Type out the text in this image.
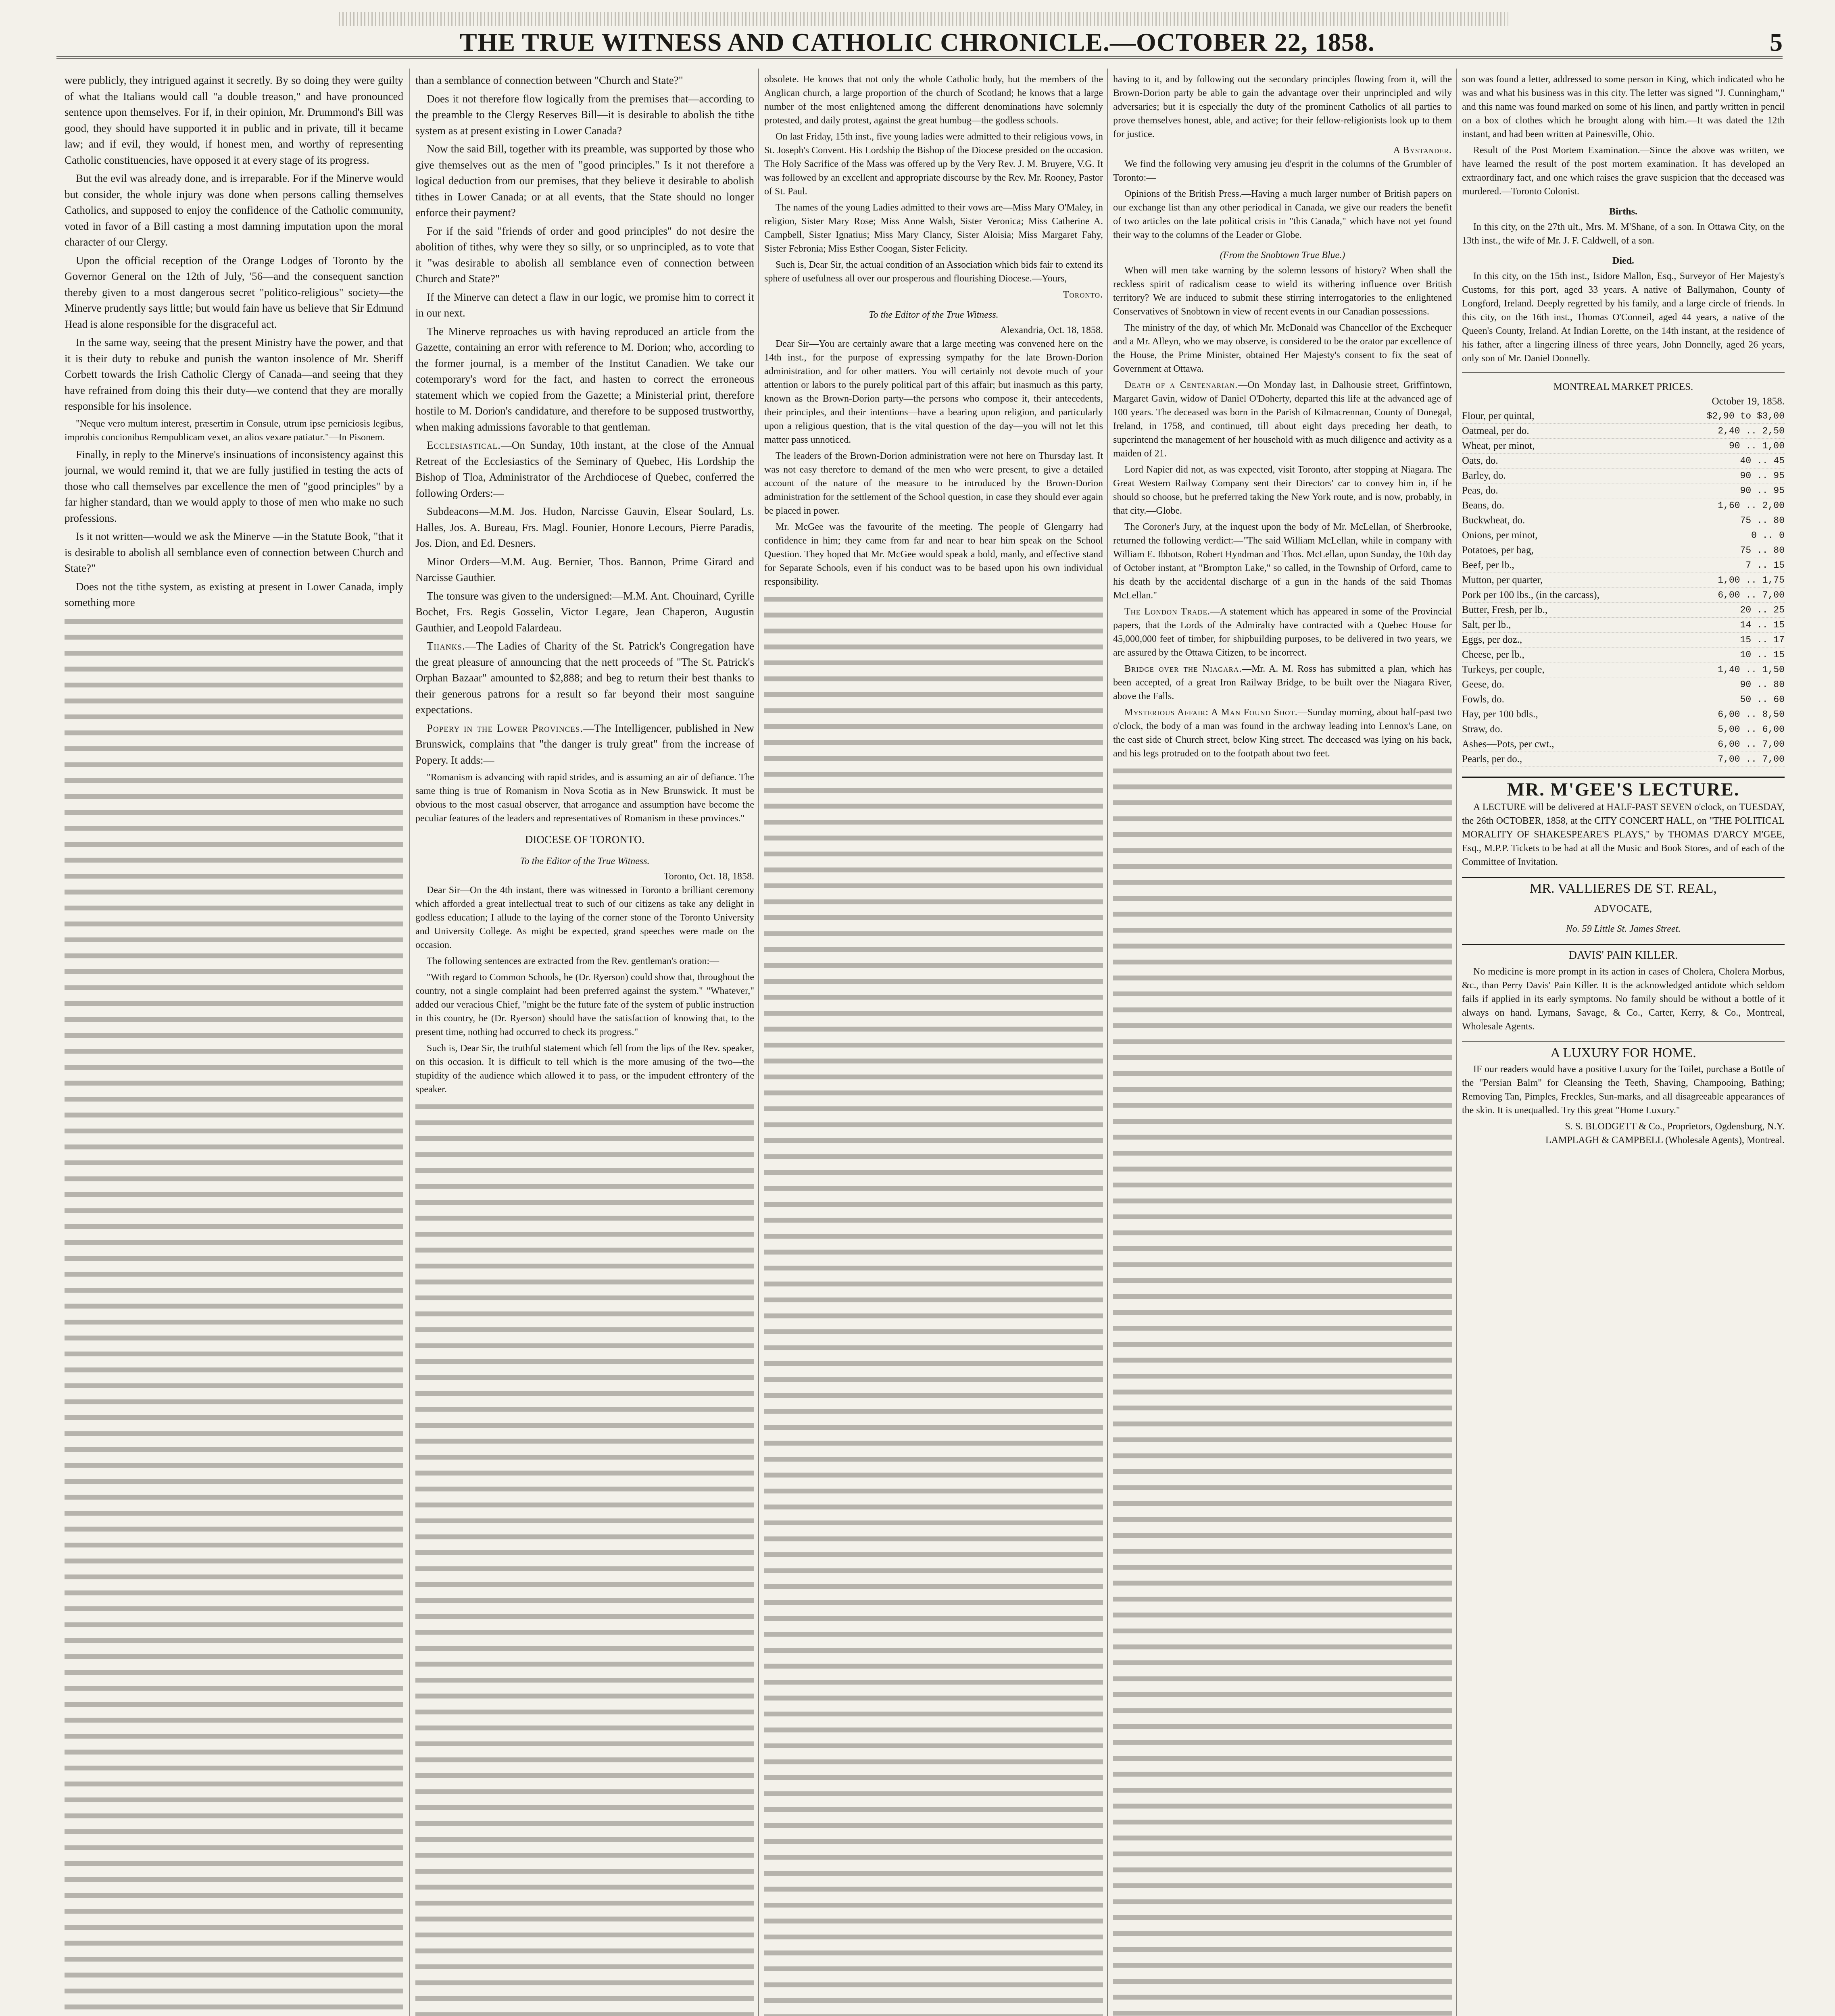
THE TRUE WITNESS AND CATHOLIC CHRONICLE.—OCTOBER 22, 1858.	5

were publicly, they intrigued against it secretly. By so doing they were guilty of what the Italians would call "a double treason," and have pronounced sentence upon themselves. For if, in their opinion, Mr. Drummond's Bill was good, they should have supported it in public and in private, till it became law; and if evil, they would, if honest men, and worthy of representing Catholic constituencies, have opposed it at every stage of its progress.

But the evil was already done, and is irreparable. For if the Minerve would but consider, the whole injury was done when persons calling themselves Catholics, and supposed to enjoy the confidence of the Catholic community, voted in favor of a Bill casting a most damning imputation upon the moral character of our Clergy.

Upon the official reception of the Orange Lodges of Toronto by the Governor General on the 12th of July, '56—and the consequent sanction thereby given to a most dangerous secret "politico-religious" society—the Minerve prudently says little; but would fain have us believe that Sir Edmund Head is alone responsible for the disgraceful act.

In the same way, seeing that the present Ministry have the power, and that it is their duty to rebuke and punish the wanton insolence of Mr. Sheriff Corbett towards the Irish Catholic Clergy of Canada—and seeing that they have refrained from doing this their duty—we contend that they are morally responsible for his insolence.

"Neque vero multum interest, præsertim in Consule, utrum ipse perniciosis legibus, improbis concionibus Rempublicam vexet, an alios vexare patiatur."—In Pisonem.

Finally, in reply to the Minerve's insinuations of inconsistency against this journal, we would remind it, that we are fully justified in testing the acts of those who call themselves par excellence the men of "good principles" by a far higher standard, than we would apply to those of men who make no such professions.

Is it not written—would we ask the Minerve —in the Statute Book, "that it is desirable to abolish all semblance even of connection between Church and State?"

Does not the tithe system, as existing at present in Lower Canada, imply something more

than a semblance of connection between "Church and State?"

Does it not therefore flow logically from the premises that—according to the preamble to the Clergy Reserves Bill—it is desirable to abolish the tithe system as at present existing in Lower Canada?

Now the said Bill, together with its preamble, was supported by those who give themselves out as the men of "good principles." Is it not therefore a logical deduction from our premises, that they believe it desirable to abolish tithes in Lower Canada; or at all events, that the State should no longer enforce their payment?

For if the said "friends of order and good principles" do not desire the abolition of tithes, why were they so silly, or so unprincipled, as to vote that it "was desirable to abolish all semblance even of connection between Church and State?"

If the Minerve can detect a flaw in our logic, we promise him to correct it in our next.

The Minerve reproaches us with having reproduced an article from the Gazette, containing an error with reference to M. Dorion; who, according to the former journal, is a member of the Institut Canadien. We take our cotemporary's word for the fact, and hasten to correct the erroneous statement which we copied from the Gazette; a Ministerial print, therefore hostile to M. Dorion's candidature, and therefore to be supposed trustworthy, when making admissions favorable to that gentleman.

Ecclesiastical.—On Sunday, 10th instant, at the close of the Annual Retreat of the Ecclesiastics of the Seminary of Quebec, His Lordship the Bishop of Tloa, Administrator of the Archdiocese of Quebec, conferred the following Orders:—

Subdeacons—M.M. Jos. Hudon, Narcisse Gauvin, Elsear Soulard, Ls. Halles, Jos. A. Bureau, Frs. Magl. Founier, Honore Lecours, Pierre Paradis, Jos. Dion, and Ed. Desners.

Minor Orders—M.M. Aug. Bernier, Thos. Bannon, Prime Girard and Narcisse Gauthier.

The tonsure was given to the undersigned:—M.M. Ant. Chouinard, Cyrille Bochet, Frs. Regis Gosselin, Victor Legare, Jean Chaperon, Augustin Gauthier, and Leopold Falardeau.

Thanks.—The Ladies of Charity of the St. Patrick's Congregation have the great pleasure of announcing that the nett proceeds of "The St. Patrick's Orphan Bazaar" amounted to $2,888; and beg to return their best thanks to their generous patrons for a result so far beyond their most sanguine expectations.

Popery in the Lower Provinces.—The Intelligencer, published in New Brunswick, complains that "the danger is truly great" from the increase of Popery. It adds:—

"Romanism is advancing with rapid strides, and is assuming an air of defiance. The same thing is true of Romanism in Nova Scotia as in New Brunswick. It must be obvious to the most casual observer, that arrogance and assumption have become the peculiar features of the leaders and representatives of Romanism in these provinces."

DIOCESE OF TORONTO.
To the Editor of the True Witness.
Toronto, Oct. 18, 1858.

Dear Sir—On the 4th instant, there was witnessed in Toronto a brilliant ceremony which afforded a great intellectual treat to such of our citizens as take any delight in godless education; I allude to the laying of the corner stone of the Toronto University and University College. As might be expected, grand speeches were made on the occasion.

The following sentences are extracted from the Rev. gentleman's oration:—

"With regard to Common Schools, he (Dr. Ryerson) could show that, throughout the country, not a single complaint had been preferred against the system." "Whatever," added our veracious Chief, "might be the future fate of the system of public instruction in this country, he (Dr. Ryerson) should have the satisfaction of knowing that, to the present time, nothing had occurred to check its progress."

Such is, Dear Sir, the truthful statement which fell from the lips of the Rev. speaker, on this occasion. It is difficult to tell which is the more amusing of the two—the stupidity of the audience which allowed it to pass, or the impudent effrontery of the speaker.

obsolete. He knows that not only the whole Catholic body, but the members of the Anglican church, a large proportion of the church of Scotland; he knows that a large number of the most enlightened among the different denominations have solemnly protested, and daily protest, against the great humbug—the godless schools.

On last Friday, 15th inst., five young ladies were admitted to their religious vows, in St. Joseph's Convent. His Lordship the Bishop of the Diocese presided on the occasion. The Holy Sacrifice of the Mass was offered up by the Very Rev. J. M. Bruyere, V.G. It was followed by an excellent and appropriate discourse by the Rev. Mr. Rooney, Pastor of St. Paul.

The names of the young Ladies admitted to their vows are—Miss Mary O'Maley, in religion, Sister Mary Rose; Miss Anne Walsh, Sister Veronica; Miss Catherine A. Campbell, Sister Ignatius; Miss Mary Clancy, Sister Aloisia; Miss Margaret Fahy, Sister Febronia; Miss Esther Coogan, Sister Felicity.

Such is, Dear Sir, the actual condition of an Association which bids fair to extend its sphere of usefulness all over our prosperous and flourishing Diocese.—Yours,

Toronto.
To the Editor of the True Witness.
Alexandria, Oct. 18, 1858.

Dear Sir—You are certainly aware that a large meeting was convened here on the 14th inst., for the purpose of expressing sympathy for the late Brown-Dorion administration, and for other matters. You will certainly not devote much of your attention or labors to the purely political part of this affair; but inasmuch as this party, known as the Brown-Dorion party—the persons who compose it, their antecedents, their principles, and their intentions—have a bearing upon religion, and particularly upon a religious question, that is the vital question of the day—you will not let this matter pass unnoticed.

The leaders of the Brown-Dorion administration were not here on Thursday last. It was not easy therefore to demand of the men who were present, to give a detailed account of the nature of the measure to be introduced by the Brown-Dorion administration for the settlement of the School question, in case they should ever again be placed in power.

Mr. McGee was the favourite of the meeting. The people of Glengarry had confidence in him; they came from far and near to hear him speak on the School Question. They hoped that Mr. McGee would speak a bold, manly, and effective stand for Separate Schools, even if his conduct was to be based upon his own individual responsibility.

having to it, and by following out the secondary principles flowing from it, will the Brown-Dorion party be able to gain the advantage over their unprincipled and wily adversaries; but it is especially the duty of the prominent Catholics of all parties to prove themselves honest, able, and active; for their fellow-religionists look up to them for justice.

A Bystander.

We find the following very amusing jeu d'esprit in the columns of the Grumbler of Toronto:—

Opinions of the British Press.—Having a much larger number of British papers on our exchange list than any other periodical in Canada, we give our readers the benefit of two articles on the late political crisis in "this Canada," which have not yet found their way to the columns of the Leader or Globe.

(From the Snobtown True Blue.)

When will men take warning by the solemn lessons of history? When shall the reckless spirit of radicalism cease to wield its withering influence over British territory? We are induced to submit these stirring interrogatories to the enlightened Conservatives of Snobtown in view of recent events in our Canadian possessions.

The ministry of the day, of which Mr. McDonald was Chancellor of the Exchequer and a Mr. Alleyn, who we may observe, is considered to be the orator par excellence of the House, the Prime Minister, obtained Her Majesty's consent to fix the seat of Government at Ottawa.

Death of a Centenarian.—On Monday last, in Dalhousie street, Griffintown, Margaret Gavin, widow of Daniel O'Doherty, departed this life at the advanced age of 100 years. The deceased was born in the Parish of Kilmacrennan, County of Donegal, Ireland, in 1758, and continued, till about eight days preceding her death, to superintend the management of her household with as much diligence and activity as a maiden of 21.

Lord Napier did not, as was expected, visit Toronto, after stopping at Niagara. The Great Western Railway Company sent their Directors' car to convey him in, if he should so choose, but he preferred taking the New York route, and is now, probably, in that city.—Globe.

The Coroner's Jury, at the inquest upon the body of Mr. McLellan, of Sherbrooke, returned the following verdict:—"The said William McLellan, while in company with William E. Ibbotson, Robert Hyndman and Thos. McLellan, upon Sunday, the 10th day of October instant, at "Brompton Lake," so called, in the Township of Orford, came to his death by the accidental discharge of a gun in the hands of the said Thomas McLellan."

The London Trade.—A statement which has appeared in some of the Provincial papers, that the Lords of the Admiralty have contracted with a Quebec House for 45,000,000 feet of timber, for shipbuilding purposes, to be delivered in two years, we are assured by the Ottawa Citizen, to be incorrect.

Bridge over the Niagara.—Mr. A. M. Ross has submitted a plan, which has been accepted, of a great Iron Railway Bridge, to be built over the Niagara River, above the Falls.

Mysterious Affair: A Man Found Shot.—Sunday morning, about half-past two o'clock, the body of a man was found in the archway leading into Lennox's Lane, on the east side of Church street, below King street. The deceased was lying on his back, and his legs protruded on to the footpath about two feet.

son was found a letter, addressed to some person in King, which indicated who he was and what his business was in this city. The letter was signed "J. Cunningham," and this name was found marked on some of his linen, and partly written in pencil on a box of clothes which he brought along with him.—It was dated the 12th instant, and had been written at Painesville, Ohio.

Result of the Post Mortem Examination.—Since the above was written, we have learned the result of the post mortem examination. It has developed an extraordinary fact, and one which raises the grave suspicion that the deceased was murdered.—Toronto Colonist.

Births.

In this city, on the 27th ult., Mrs. M. M'Shane, of a son. In Ottawa City, on the 13th inst., the wife of Mr. J. F. Caldwell, of a son.

Died.

In this city, on the 15th inst., Isidore Mallon, Esq., Surveyor of Her Majesty's Customs, for this port, aged 33 years. A native of Ballymahon, County of Longford, Ireland. Deeply regretted by his family, and a large circle of friends. In this city, on the 16th inst., Thomas O'Conneil, aged 44 years, a native of the Queen's County, Ireland. At Indian Lorette, on the 14th instant, at the residence of his father, after a lingering illness of three years, John Donnelly, aged 26 years, only son of Mr. Daniel Donnelly.

MONTREAL MARKET PRICES.
October 19, 1858.
Flour, per quintal,	$2,90 to $3,00
Oatmeal, per do.	2,40 .. 2,50
Wheat, per minot,	90 .. 1,00
Oats, do.	40 .. 45
Barley, do.	90 .. 95
Peas, do.	90 .. 95
Beans, do.	1,60 .. 2,00
Buckwheat, do.	75 .. 80
Onions, per minot,	0 .. 0
Potatoes, per bag,	75 .. 80
Beef, per lb.,	7 .. 15
Mutton, per quarter,	1,00 .. 1,75
Pork per 100 lbs., (in the carcass),	6,00 .. 7,00
Butter, Fresh, per lb.,	20 .. 25
Salt, per lb.,	14 .. 15
Eggs, per doz.,	15 .. 17
Cheese, per lb.,	10 .. 15
Turkeys, per couple,	1,40 .. 1,50
Geese, do.	90 .. 80
Fowls, do.	50 .. 60
Hay, per 100 bdls.,	6,00 .. 8,50
Straw, do.	5,00 .. 6,00
Ashes—Pots, per cwt.,	6,00 .. 7,00
Pearls, per do.,	7,00 .. 7,00
MR. M'GEE'S LECTURE.

A LECTURE will be delivered at HALF-PAST SEVEN o'clock, on TUESDAY, the 26th OCTOBER, 1858, at the CITY CONCERT HALL, on "THE POLITICAL MORALITY OF SHAKESPEARE'S PLAYS," by THOMAS D'ARCY M'GEE, Esq., M.P.P. Tickets to be had at all the Music and Book Stores, and of each of the Committee of Invitation.

MR. VALLIERES DE ST. REAL,
ADVOCATE,
No. 59 Little St. James Street.
DAVIS' PAIN KILLER.

No medicine is more prompt in its action in cases of Cholera, Cholera Morbus, &c., than Perry Davis' Pain Killer. It is the acknowledged antidote which seldom fails if applied in its early symptoms. No family should be without a bottle of it always on hand. Lymans, Savage, & Co., Carter, Kerry, & Co., Montreal, Wholesale Agents.

A LUXURY FOR HOME.

IF our readers would have a positive Luxury for the Toilet, purchase a Bottle of the "Persian Balm" for Cleansing the Teeth, Shaving, Champooing, Bathing; Removing Tan, Pimples, Freckles, Sun-marks, and all disagreeable appearances of the skin. It is unequalled. Try this great "Home Luxury."

S. S. BLODGETT & Co., Proprietors, Ogdensburg, N.Y.
LAMPLAGH & CAMPBELL (Wholesale Agents), Montreal.
